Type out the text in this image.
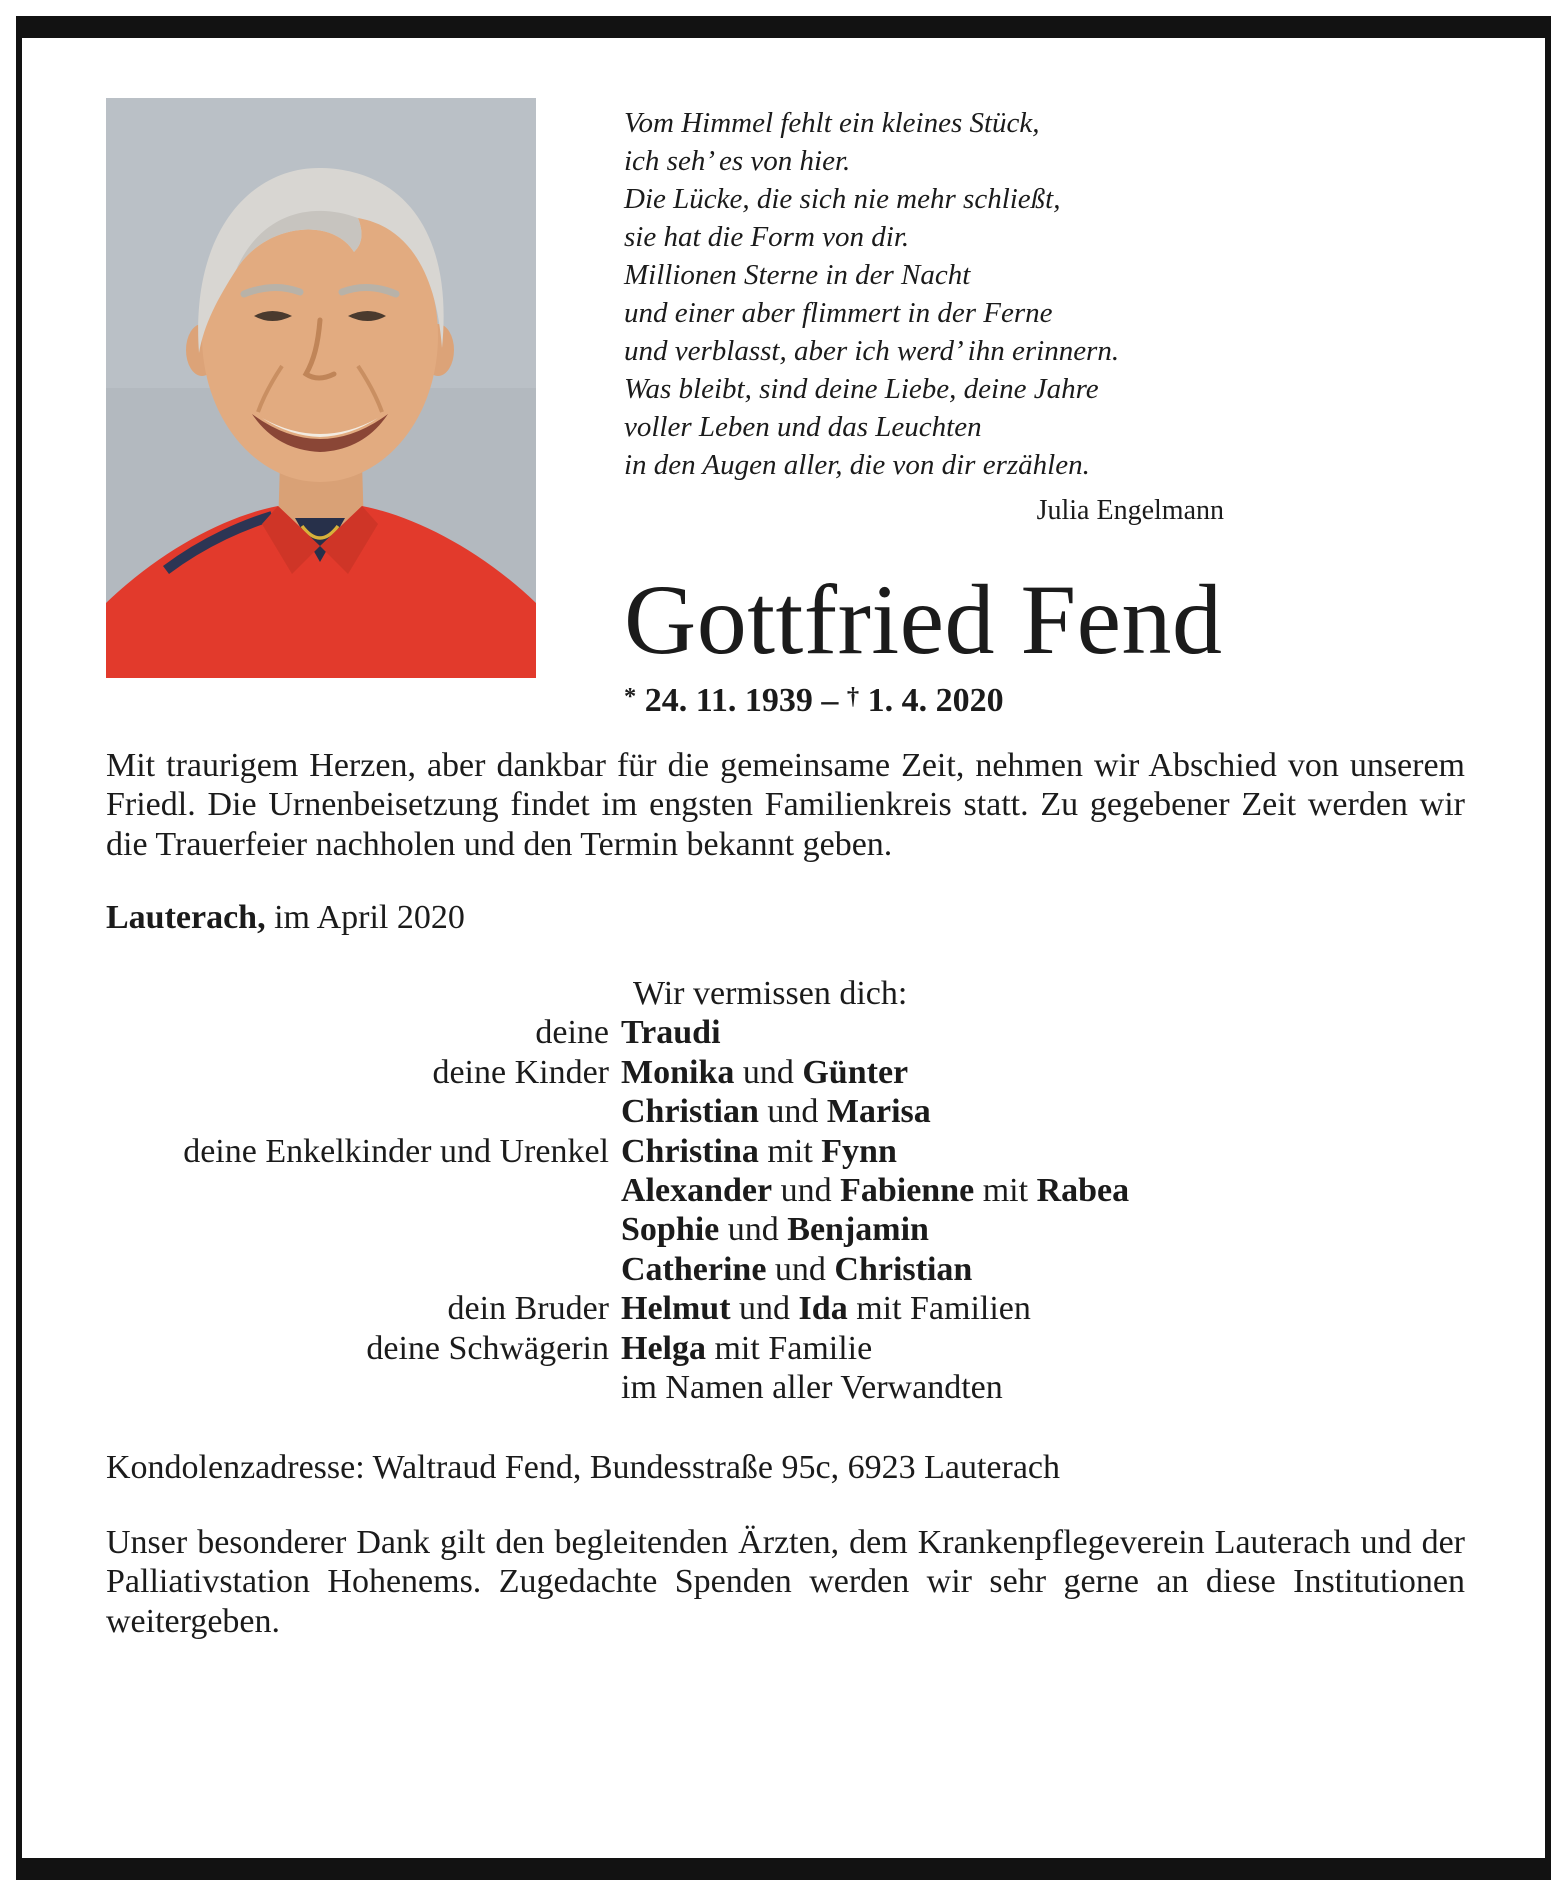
Vom Himmel fehlt ein kleines Stück,
ich seh’ es von hier.
Die Lücke, die sich nie mehr schließt,
sie hat die Form von dir.
Millionen Sterne in der Nacht
und einer aber flimmert in der Ferne
und verblasst, aber ich werd’ ihn erinnern.
Was bleibt, sind deine Liebe, deine Jahre
voller Leben und das Leuchten
in den Augen aller, die von dir erzählen.
Julia Engelmann
Gottfried Fend
* 24. 11. 1939 – † 1. 4. 2020

Mit traurigem Herzen, aber dankbar für die gemeinsame Zeit, nehmen wir Abschied von unserem Friedl. Die Urnenbeisetzung findet im engsten Familienkreis statt. Zu gegebener Zeit werden wir die Trauerfeier nachholen und den Termin bekannt geben.

Lauterach, im April 2020

Wir vermissen dich:
deine Traudi
deine Kinder Monika und Günter
Christian und Marisa
deine Enkelkinder und Urenkel Christina mit Fynn
Alexander und Fabienne mit Rabea
Sophie und Benjamin
Catherine und Christian
dein Bruder Helmut und Ida mit Familien
deine Schwägerin Helga mit Familie
im Namen aller Verwandten

Kondolenzadresse: Waltraud Fend, Bundesstraße 95c, 6923 Lauterach

Unser besonderer Dank gilt den begleitenden Ärzten, dem Krankenpflegeverein Lauterach und der Palliativstation Hohenems. Zugedachte Spenden werden wir sehr gerne an diese Institutionen weitergeben.
